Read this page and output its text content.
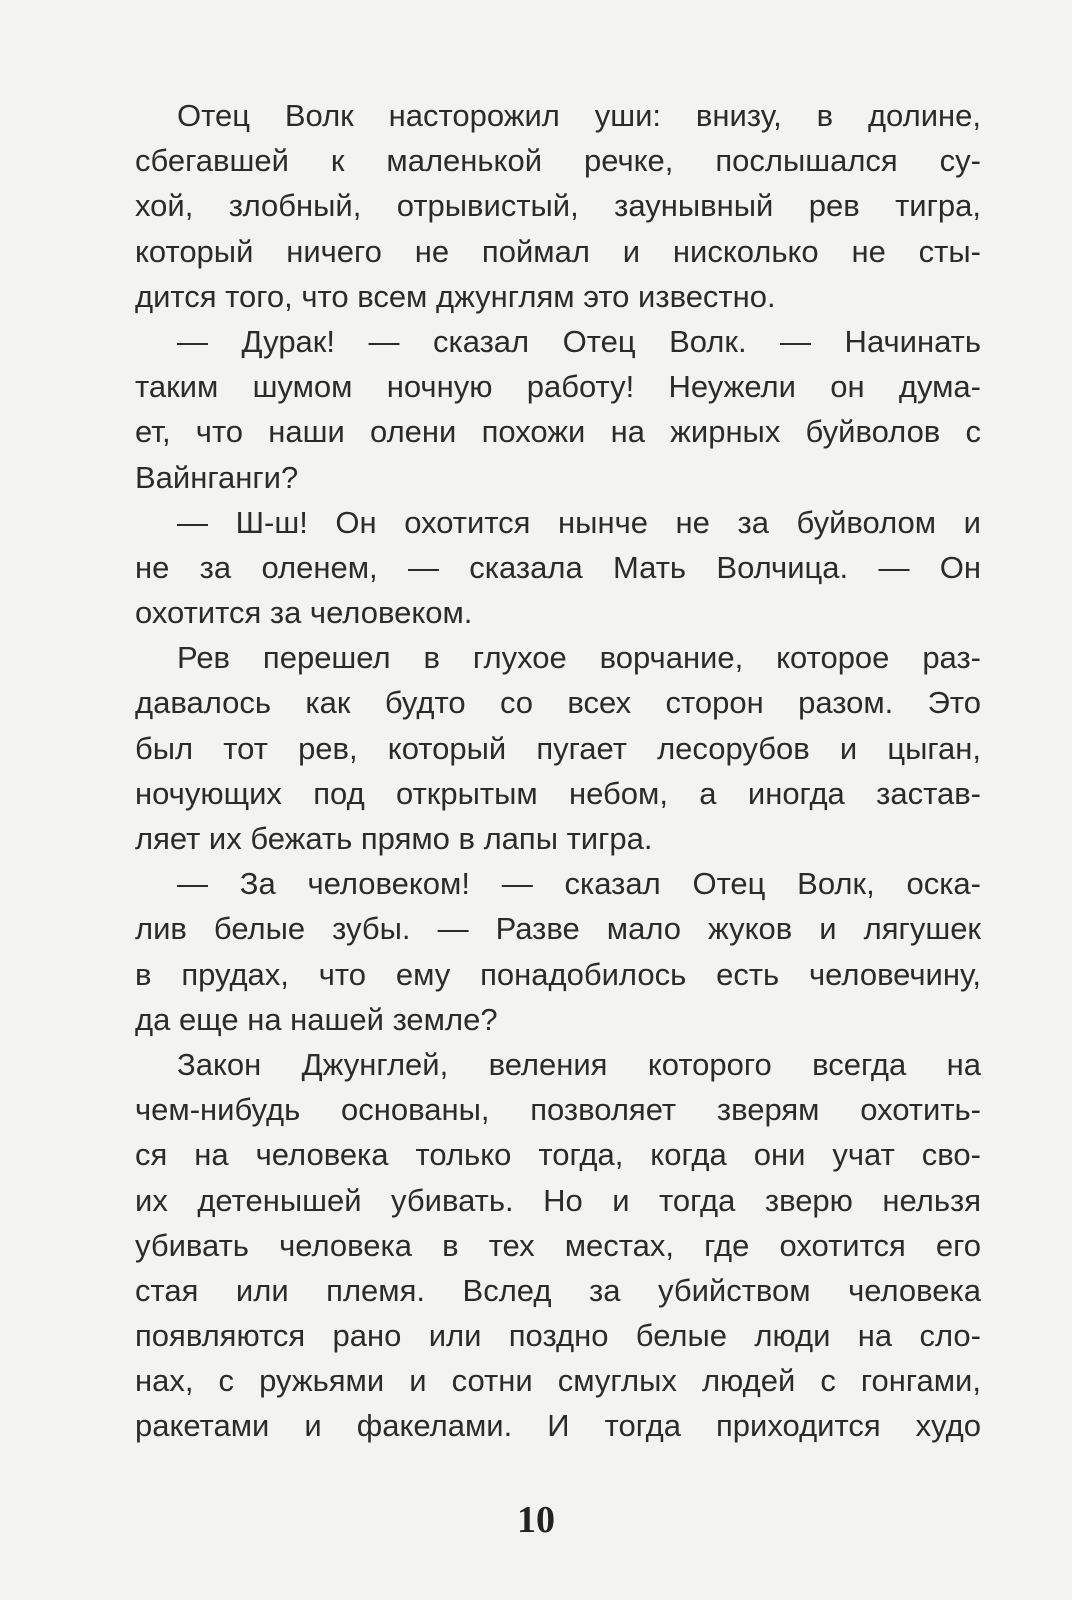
Отец Волк насторожил уши: внизу, в долине,
сбегавшей к маленькой речке, послышался су-
хой, злобный, отрывистый, заунывный рев тигра,
который ничего не поймал и нисколько не сты-
дится того, что всем джунглям это известно.
— Дурак! — сказал Отец Волк. — Начинать
таким шумом ночную работу! Неужели он дума-
ет, что наши олени похожи на жирных буйволов с
Вайнганги?
— Ш-ш! Он охотится нынче не за буйволом и
не за оленем, — сказала Мать Волчица. — Он
охотится за человеком.
Рев перешел в глухое ворчание, которое раз-
давалось как будто со всех сторон разом. Это
был тот рев, который пугает лесорубов и цыган,
ночующих под открытым небом, а иногда застав-
ляет их бежать прямо в лапы тигра.
— За человеком! — сказал Отец Волк, оска-
лив белые зубы. — Разве мало жуков и лягушек
в прудах, что ему понадобилось есть человечину,
да еще на нашей земле?
Закон Джунглей, веления которого всегда на
чем-нибудь основаны, позволяет зверям охотить-
ся на человека только тогда, когда они учат сво-
их детенышей убивать. Но и тогда зверю нельзя
убивать человека в тех местах, где охотится его
стая или племя. Вслед за убийством человека
появляются рано или поздно белые люди на сло-
нах, с ружьями и сотни смуглых людей с гонгами,
ракетами и факелами. И тогда приходится худо
10
